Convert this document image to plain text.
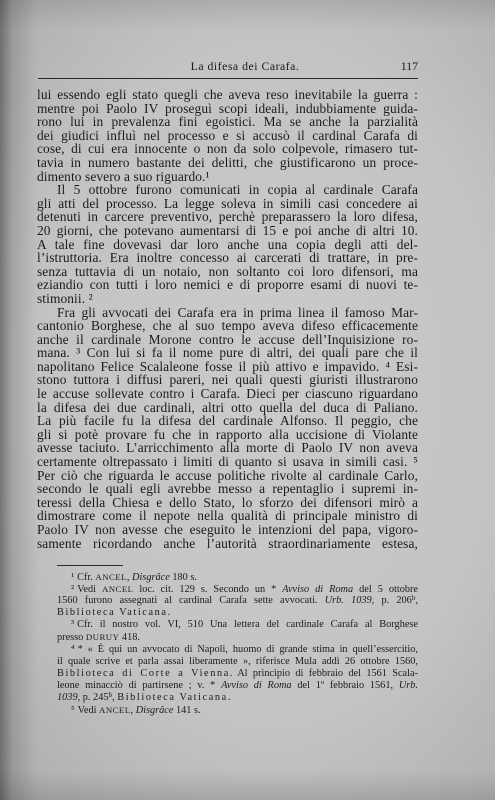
La difesa dei Carafa.	117
lui essendo egli stato quegli che aveva reso inevitabile la guerra :
mentre poi Paolo IV proseguì scopi ideali, indubbiamente guida-
rono lui in prevalenza fini egoistici. Ma se anche la parzialità
dei giudici influì nel processo e si accusò il cardinal Carafa di
cose, di cui era innocente o non da solo colpevole, rimasero tut-
tavia in numero bastante dei delitti, che giustificarono un proce-
dimento severo a suo riguardo.¹
Il 5 ottobre furono comunicati in copia al cardinale Carafa
gli atti del processo. La legge soleva in simili casi concedere ai
detenuti in carcere preventivo, perchè preparassero la loro difesa,
20 giorni, che potevano aumentarsi di 15 e poi anche di altri 10.
A tale fine dovevasi dar loro anche una copia degli atti del-
l’istruttoria. Era inoltre concesso ai carcerati di trattare, in pre-
senza tuttavia di un notaio, non soltanto coi loro difensori, ma
eziandio con tutti i loro nemici e di proporre esami di nuovi te-
stimonii. ²
Fra gli avvocati dei Carafa era in prima linea il famoso Mar-
cantonio Borghese, che al suo tempo aveva difeso efficacemente
anche il cardinale Morone contro le accuse dell’Inquisizione ro-
mana. ³ Con lui si fa il nome pure di altri, dei quali pare che il
napolitano Felice Scalaleone fosse il più attivo e impavido. ⁴ Esi-
stono tuttora i diffusi pareri, nei quali questi giuristi illustrarono
le accuse sollevate contro i Carafa. Dieci per ciascuno riguardano
la difesa dei due cardinali, altri otto quella del duca di Paliano.
La più facile fu la difesa del cardinale Alfonso. Il peggio, che
gli si potè provare fu che in rapporto alla uccisione di Violante
avesse taciuto. L’arricchimento alla morte di Paolo IV non aveva
certamente oltrepassato i limiti di quanto si usava in simili casi. ⁵
Per ciò che riguarda le accuse politiche rivolte al cardinale Carlo,
secondo le quali egli avrebbe messo a repentaglio i supremi in-
teressi della Chiesa e dello Stato, lo sforzo dei difensori mirò a
dimostrare come il nepote nella qualità di principale ministro di
Paolo IV non avesse che eseguito le intenzioni del papa, vigoro-
samente ricordando anche l’autorità straordinariamente estesa,
¹ Cfr. ANCEL, Disgrâce 180 s.
² Vedi ANCEL loc. cit. 129 s. Secondo un * Avviso di Roma del 5 ottobre
1560 furono assegnati al cardinal Carafa sette avvocati. Urb. 1039, p. 206$^b$,
Biblioteca Vaticana.
³ Cfr. il nostro vol. VI, 510 Una lettera del cardinale Carafa al Borghese
presso DURUY 418.
⁴ * « È qui un avvocato di Napoli, huomo di grande stima in quell’essercitio,
il quale scrive et parla assai liberamente », riferisce Mula addì 26 ottobre 1560,
Biblioteca di Corte a Vienna. Al principio di febbraio del 1561 Scala-
leone minacciò di partirsene ; v. * Avviso di Roma del 1º febbraio 1561, Urb.
1039, p. 245$^b$, Biblioteca Vaticana.
⁵ Vedi ANCEL, Disgrâce 141 s.
